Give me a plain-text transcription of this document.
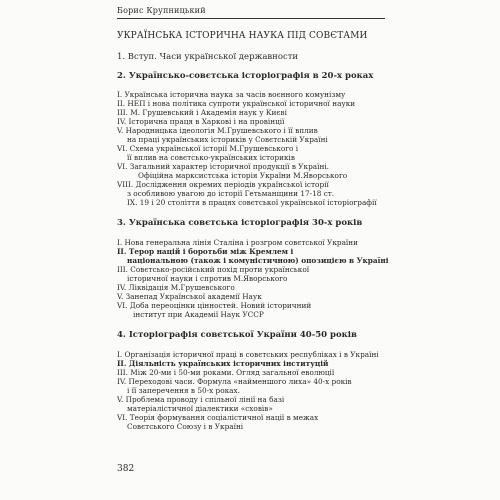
Борис Крупницький
УКРАЇНСЬКА ІСТОРИЧНА НАУКА ПІД СОВЄТАМИ
1. Вступ. Часи української державности
2. Українсько-совєтська історіографія в 20-х роках
I. Українська історична наука за часів воєнного комунізму
II. НЕП і нова політика супроти української історичної науки
III. М. Грушевський і Академія наук у Києві
IV. Історична праця в Харкові і на провінції
V. Народницька ідеологія М.Грушевського і її вплив
на праці українських істориків у Совєтській Україні
VI. Схема української історії М.Грушевського і
її вплив на совєтсько-українських істориків
VI. Загальний характер історичної продукції в Україні.
Офіційна марксистська історія України М.Яворського
VIII. Дослідження окремих періодів української історії
з особливою увагою до історії Гетьманщини 17-18 ст.
IX. 19 і 20 століття в працях совєтської української історіографії
3. Українська совєтська історіографія 30-х років
І. Нова генеральна лінія Сталіна і розгром совєтської України
II. Терор націй і боротьби між Кремлем і
національною (також і комуністичною) опозицією в Україні
III. Совєтсько-російський похід проти української
історичної науки і спротив М.Яворського
IV. Ліквідація М.Грушевського
V. Занепад Української академії Наук
VI. Доба переоцінки цінностей. Новий історичний
інститут при Академії Наук УССР
4. Історіографія совєтської України 40-50 років
I. Організація історичної праці в совєтських республіках і в Україні
II. Діяльність українських історичних інституцій
III. Між 20-ми і 50-ми роками. Огляд загальної еволюції
IV. Переходові часи. Формула «найменшого лиха» 40-х років
і її заперечення в 50-х роках.
V. Проблема проводу і спільної лінії на базі
матеріалістичної діалектики «сховів»
VI. Теорія формування соціалістичної нації в межах
Совєтського Союзу і в Україні
382
